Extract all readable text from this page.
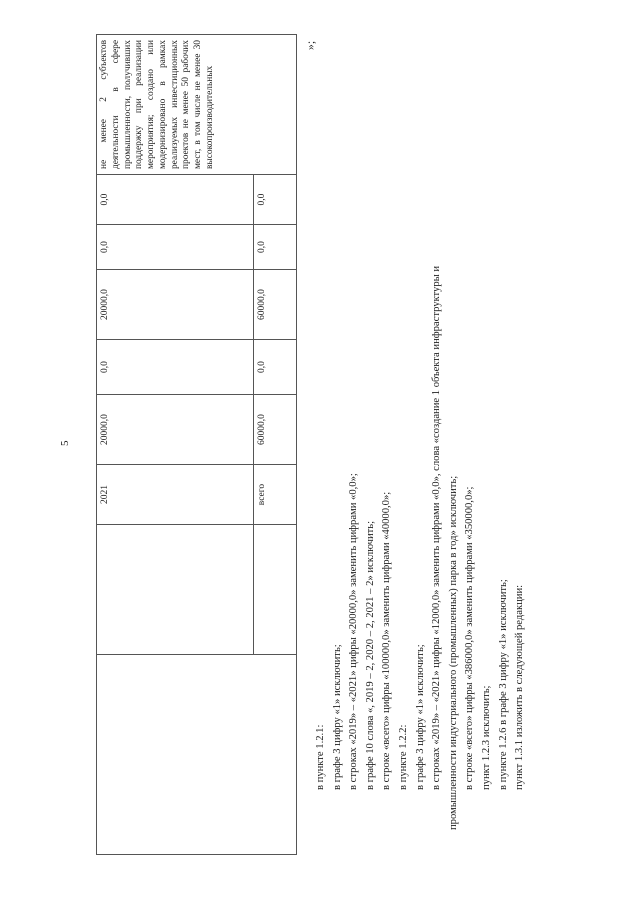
5
»;
		2021	20000,0	0,0	20000,0	0,0	0,0	не менее 2 субъектов деятельности в сфере промышленности, получивших поддержку при реализации мероприятия; создано или модернизировано в рамках реализуемых инвестиционных проектов не менее 50 рабочих мест, в том числе не менее 30 высокопроизводительных
		всего	60000,0	0,0	60000,0	0,0	0,0	

в пункте 1.2.1: в графе 3 цифру «1» исключить; в строках «2019» – «2021» цифры «20000,0» заменить цифрами «0,0»; в графе 10 слова «, 2019 – 2, 2020 – 2, 2021 – 2» исключить; в строке «всего» цифры «100000,0» заменить цифрами «40000,0»; в пункте 1.2.2: в графе 3 цифру «1» исключить; в строках «2019» – «2021» цифры «12000,0» заменить цифрами «0,0», слова «создание 1 объекта инфраструктуры и промышленности индустриального (промышленных) парка в год» исключить; в строке «всего» цифры «386000,0» заменить цифрами «350000,0»; пункт 1.2.3 исключить; в пункте 1.2.6 в графе 3 цифру «1» исключить; пункт 1.3.1 изложить в следующей редакции:
